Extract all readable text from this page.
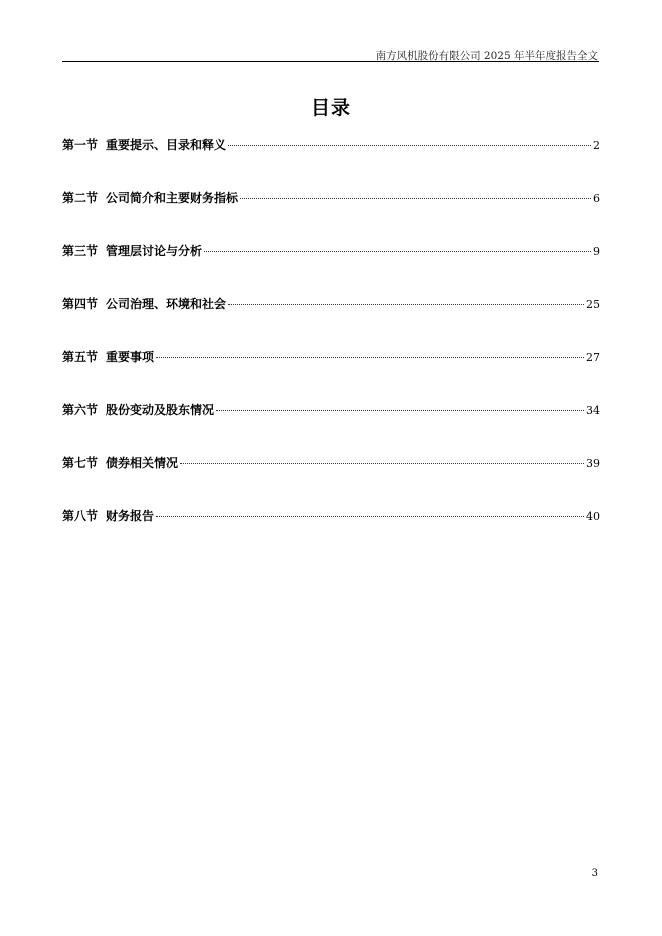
南方风机股份有限公司 2025 年半年度报告全文
目录
第一节 重要提示、目录和释义	2
第二节 公司简介和主要财务指标	6
第三节 管理层讨论与分析	9
第四节 公司治理、环境和社会	25
第五节 重要事项	27
第六节 股份变动及股东情况	34
第七节 债券相关情况	39
第八节 财务报告	40
3
